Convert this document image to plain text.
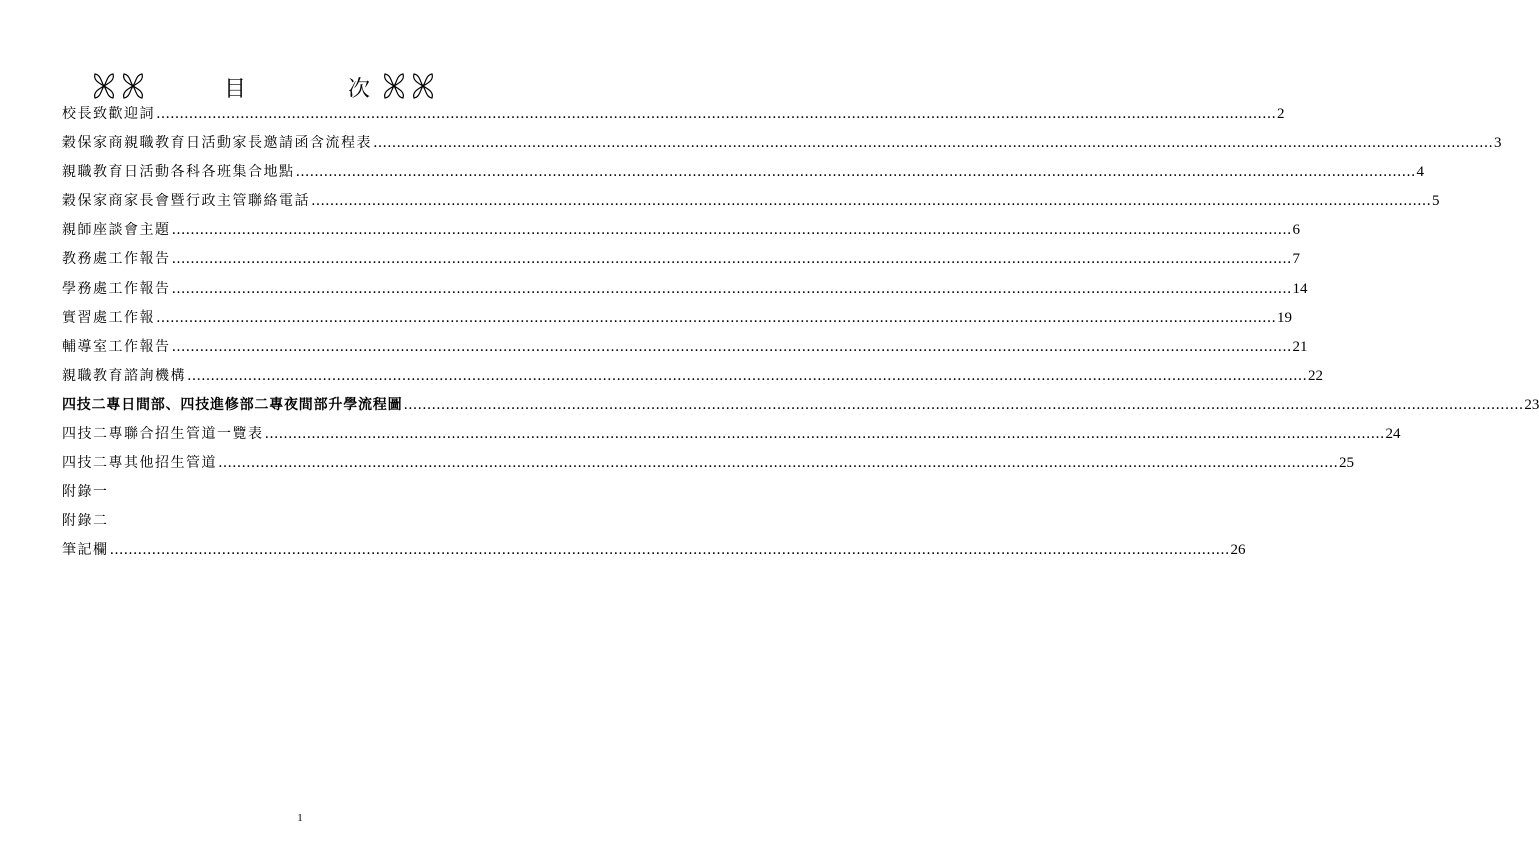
目　次
校長致歡迎詞 …………………………………………………………………………………………………………………………………………………………………………………………………………………… 2
穀保家商親職教育日活動家長邀請函含流程表 …………………………………………………………………………………………………………………………………………………………………………………………………………………… 3
親職教育日活動各科各班集合地點 …………………………………………………………………………………………………………………………………………………………………………………………………………………… 4
穀保家商家長會暨行政主管聯絡電話 …………………………………………………………………………………………………………………………………………………………………………………………………………………… 5
親師座談會主題 …………………………………………………………………………………………………………………………………………………………………………………………………………………… 6
教務處工作報告 …………………………………………………………………………………………………………………………………………………………………………………………………………………… 7
學務處工作報告 …………………………………………………………………………………………………………………………………………………………………………………………………………………… 14
實習處工作報 …………………………………………………………………………………………………………………………………………………………………………………………………………………… 19
輔導室工作報告 …………………………………………………………………………………………………………………………………………………………………………………………………………………… 21
親職教育諮詢機構 …………………………………………………………………………………………………………………………………………………………………………………………………………………… 22
四技二專日間部、四技進修部二專夜間部升學流程圖 …………………………………………………………………………………………………………………………………………………………………………………………………………………… 23
四技二專聯合招生管道一覽表 …………………………………………………………………………………………………………………………………………………………………………………………………………………… 24
四技二專其他招生管道 …………………………………………………………………………………………………………………………………………………………………………………………………………………… 25
附錄一
附錄二
筆記欄 …………………………………………………………………………………………………………………………………………………………………………………………………………………… 26
1
